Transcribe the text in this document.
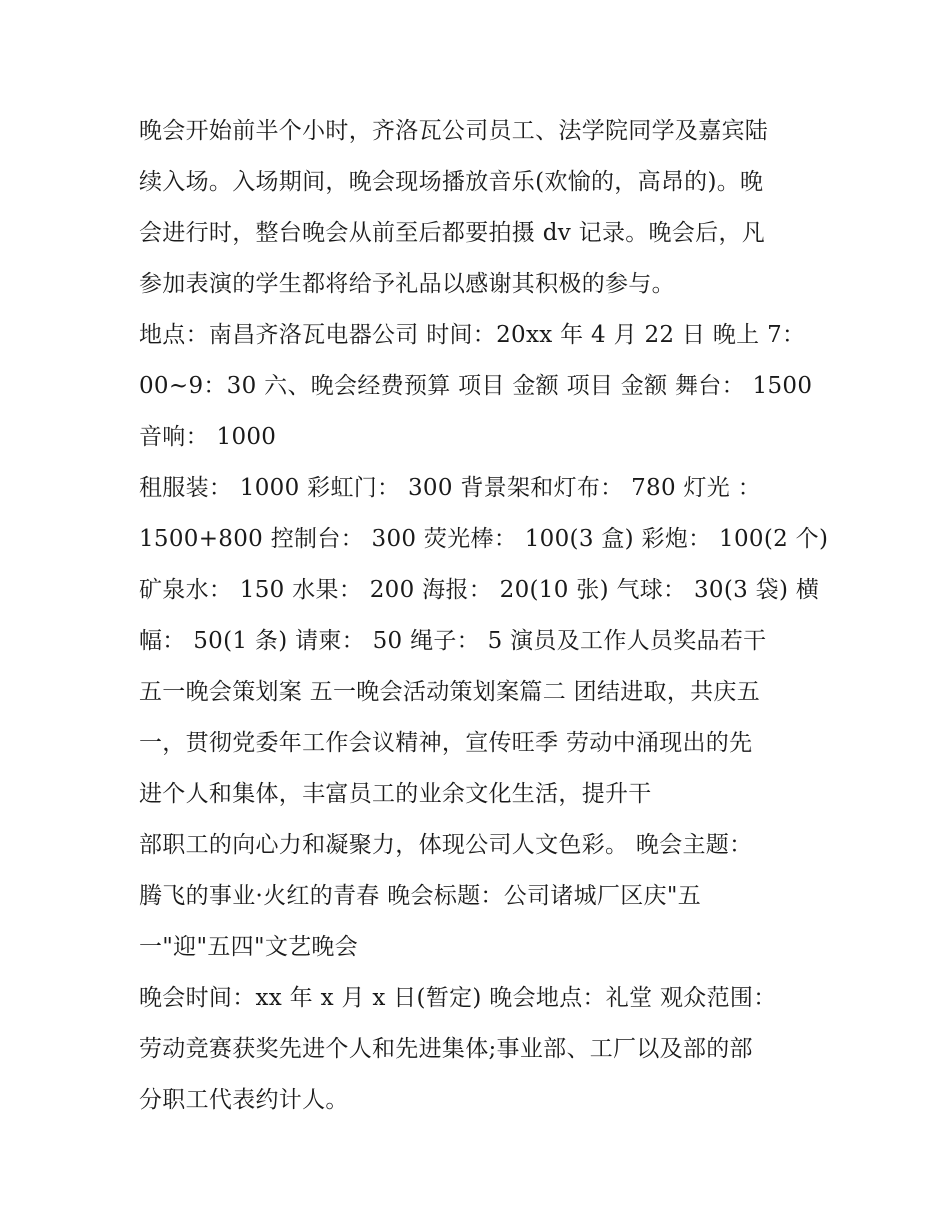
晚会开始前半个小时，齐洛瓦公司员工、法学院同学及嘉宾陆
续入场。入场期间，晚会现场播放音乐(欢愉的，高昂的)。晚
会进行时，整台晚会从前至后都要拍摄 dv 记录。晚会后，凡
参加表演的学生都将给予礼品以感谢其积极的参与。
地点：南昌齐洛瓦电器公司 时间：20xx 年 4 月 22 日 晚上 7：
00~9：30 六、晚会经费预算 项目 金额 项目 金额 舞台： 1500
音响： 1000
租服装： 1000 彩虹门： 300 背景架和灯布： 780 灯光 ：
1500+800 控制台： 300 荧光棒： 100(3 盒) 彩炮： 100(2 个)
矿泉水： 150 水果： 200 海报： 20(10 张) 气球： 30(3 袋) 横
幅： 50(1 条) 请柬： 50 绳子： 5 演员及工作人员奖品若干
五一晚会策划案 五一晚会活动策划案篇二 团结进取，共庆五
一，贯彻党委年工作会议精神，宣传旺季 劳动中涌现出的先
进个人和集体，丰富员工的业余文化生活，提升干
部职工的向心力和凝聚力，体现公司人文色彩。 晚会主题：
腾飞的事业·火红的青春 晚会标题：公司诸城厂区庆"五
一"迎"五四"文艺晚会
晚会时间：xx 年 x 月 x 日(暂定) 晚会地点：礼堂 观众范围：
劳动竞赛获奖先进个人和先进集体;事业部、工厂以及部的部
分职工代表约计人。
